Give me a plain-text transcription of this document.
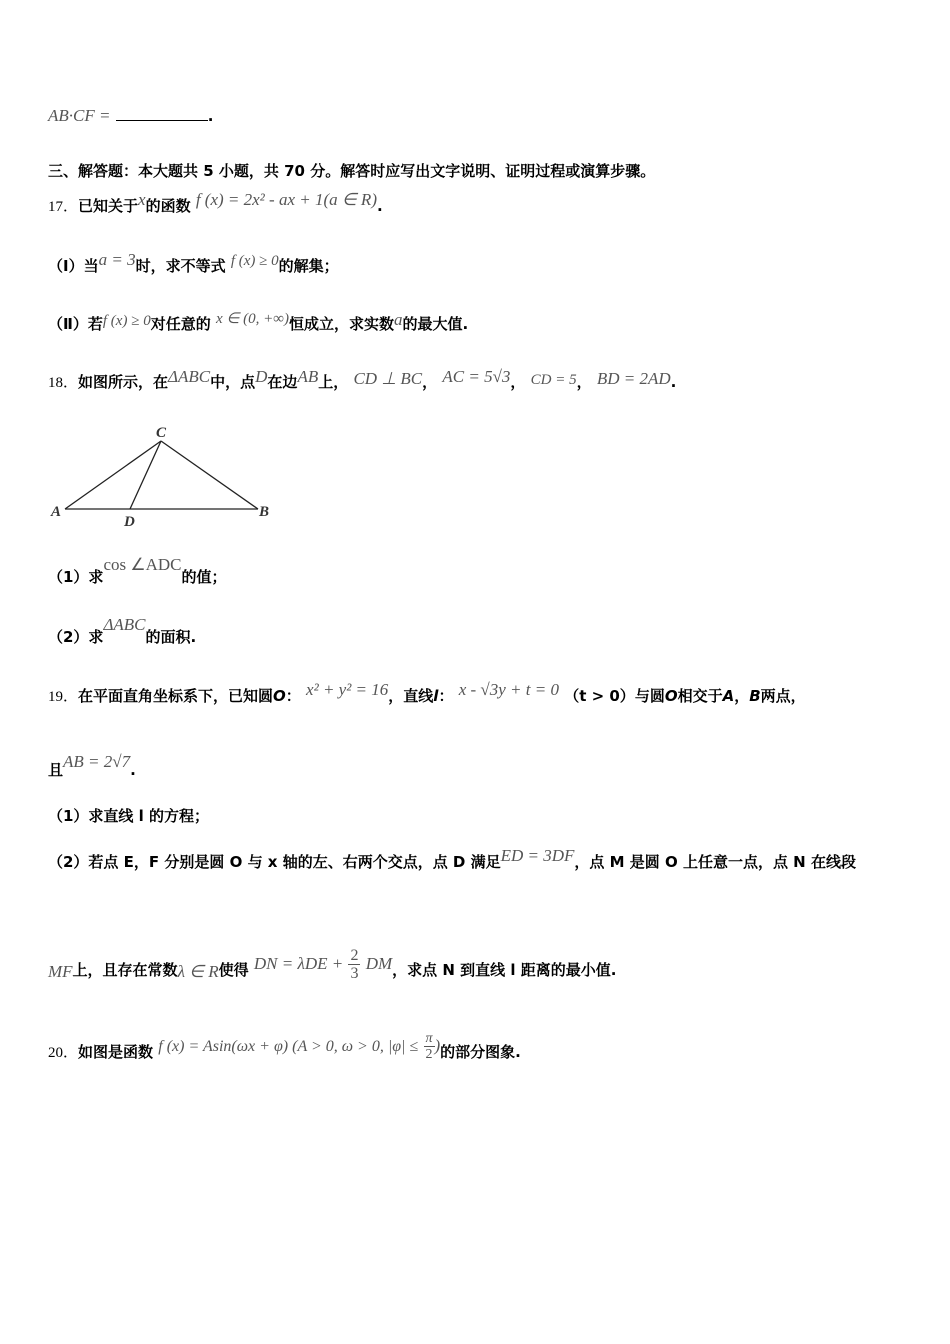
AB·CF =	.
三、解答题：本大题共 5 小题，共 70 分。解答时应写出文字说明、证明过程或演算步骤。
17．已知关于x的函数 f (x) = 2x² - ax + 1(a ∈ R).
（Ⅰ）当a = 3时，求不等式 f (x) ≥ 0的解集；
（Ⅱ）若f (x) ≥ 0对任意的 x ∈ (0, +∞)恒成立，求实数a的最大值.
18．如图所示，在ΔABC中，点D在边AB上， CD ⊥ BC， AC = 5√3， CD = 5， BD = 2AD.
C
A
D
B
（1）求cos ∠ADC的值；
（2）求ΔABC的面积.
19．在平面直角坐标系下，已知圆O： x² + y² = 16，直线l： x - √3y + t = 0 （t > 0）与圆O相交于A，B两点，
且AB = 2√7.
（1）求直线 l 的方程；
（2）若点 E，F 分别是圆 O 与 x 轴的左、右两个交点，点 D 满足ED = 3DF，点 M 是圆 O 上任意一点，点 N 在线段
MF上，且存在常数λ ∈ R使得 DN = $\lambda DE + \frac{2}{3}$ DM，求点 N 到直线 l 距离的最小值.
20．如图是函数 f (x) = Asin(ωx + φ) (A > 0, ω > 0, $|\varphi| \le \frac{\pi}{2}$ )的部分图象.
